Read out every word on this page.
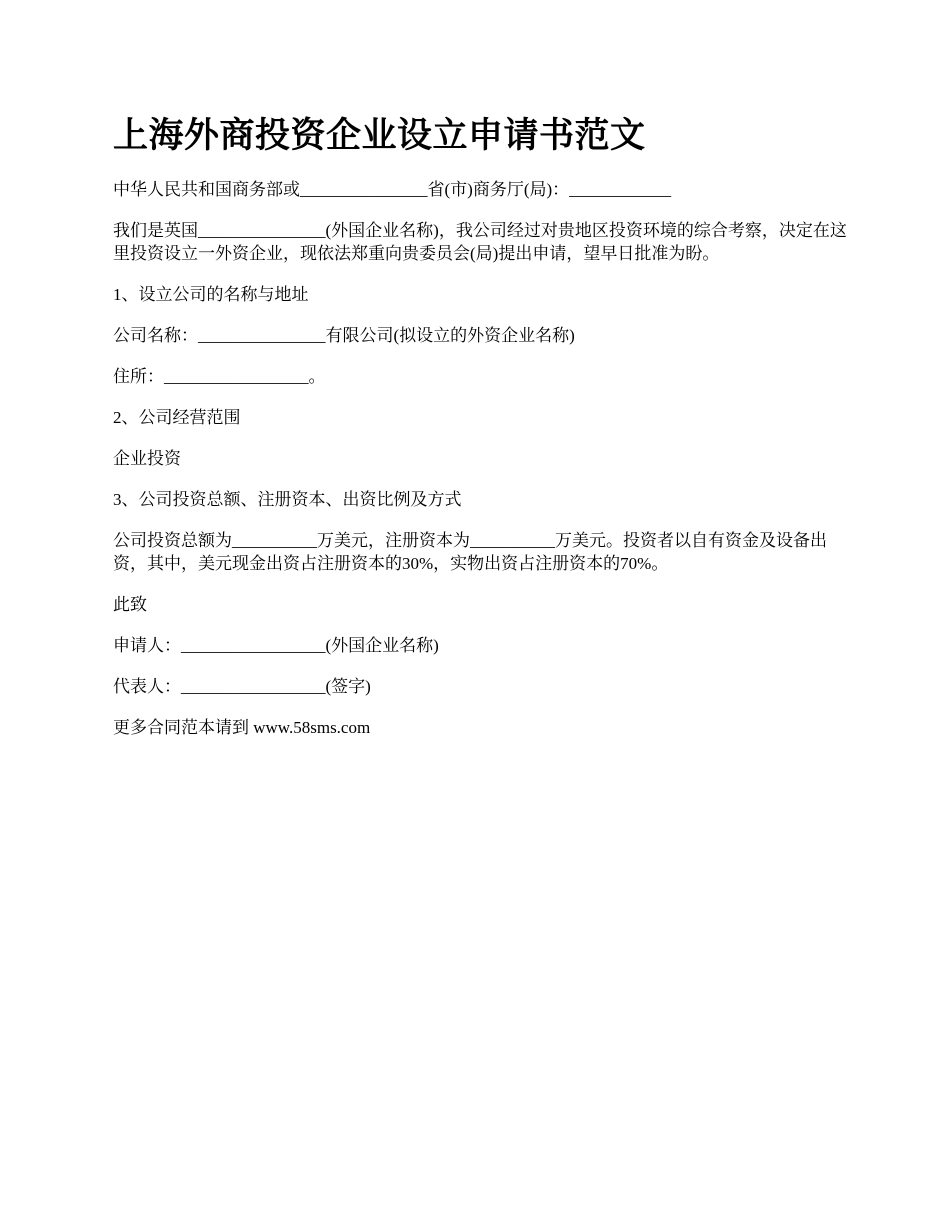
上海外商投资企业设立申请书范文

中华人民共和国商务部或_______________省(市)商务厅(局)：____________

我们是英国_______________(外国企业名称)，我公司经过对贵地区投资环境的综合考察，决定在这里投资设立一外资企业，现依法郑重向贵委员会(局)提出申请，望早日批准为盼。

1、设立公司的名称与地址

公司名称：_______________有限公司(拟设立的外资企业名称)

住所：_________________。

2、公司经营范围

企业投资

3、公司投资总额、注册资本、出资比例及方式

公司投资总额为__________万美元，注册资本为__________万美元。投资者以自有资金及设备出资，其中，美元现金出资占注册资本的30%，实物出资占注册资本的70%。

此致

申请人：_________________(外国企业名称)

代表人：_________________(签字)

更多合同范本请到 www.58sms.com
